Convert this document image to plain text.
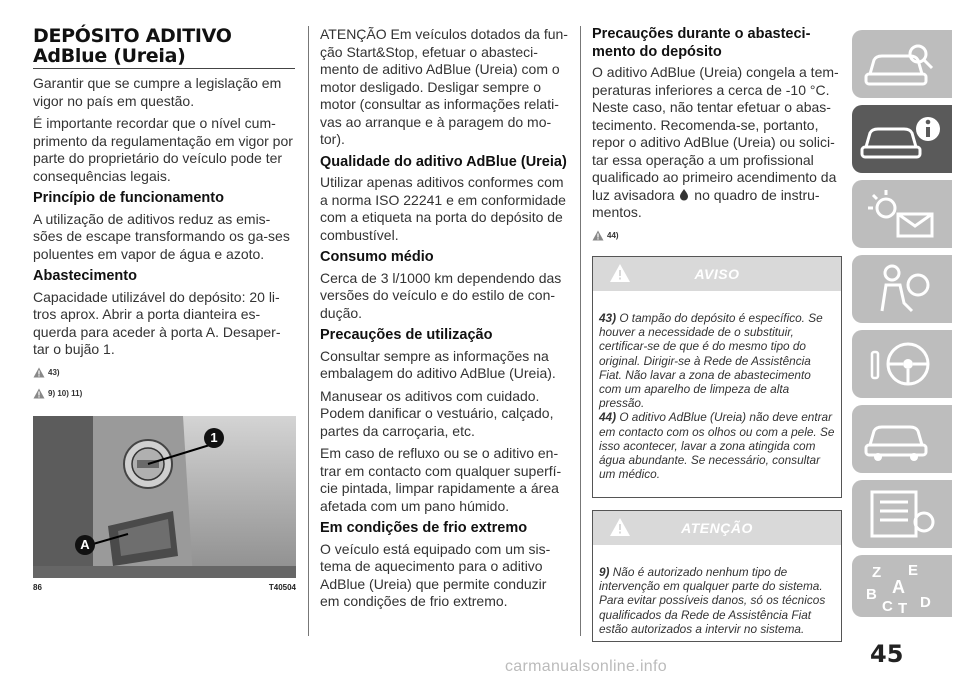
DEPÓSITO ADITIVO
AdBlue (Ureia)

Garantir que se cumpre a legislação em vigor no país em questão.

É importante recordar que o nível cum-primento da regulamentação em vigor por parte do proprietário do veículo pode ter consequências legais.

Princípio de funcionamento

A utilização de aditivos reduz as emis-sões de escape transformando os ga-ses poluentes em vapor de água e azoto.

Abastecimento

Capacidade utilizável do depósito: 20 li-tros aprox. Abrir a porta dianteira es-querda para aceder à porta A. Desaper-tar o bujão 1.

43)
9) 10) 11)
1
A
86	T40504

ATENÇÃO Em veículos dotados da fun-ção Start&Stop, efetuar o abasteci-mento de aditivo AdBlue (Ureia) com o motor desligado. Desligar sempre o motor (consultar as informações relati-vas ao arranque e à paragem do mo-tor).

Qualidade do aditivo AdBlue (Ureia)

Utilizar apenas aditivos conformes com a norma ISO 22241 e em conformidade com a etiqueta na porta do depósito de combustível.

Consumo médio

Cerca de 3 l/1000 km dependendo das versões do veículo e do estilo de con-dução.

Precauções de utilização

Consultar sempre as informações na embalagem do aditivo AdBlue (Ureia).

Manusear os aditivos com cuidado. Podem danificar o vestuário, calçado, partes da carroçaria, etc.

Em caso de refluxo ou se o aditivo en-trar em contacto com qualquer superfí-cie pintada, limpar rapidamente a área afetada com um pano húmido.

Em condições de frio extremo

O veículo está equipado com um sis-tema de aquecimento para o aditivo AdBlue (Ureia) que permite conduzir em condições de frio extremo.

Precauções durante o abasteci-mento do depósito

O aditivo AdBlue (Ureia) congela a tem-peraturas inferiores a cerca de -10 °C. Neste caso, não tentar efetuar o abas-tecimento. Recomenda-se, portanto, repor o aditivo AdBlue (Ureia) ou solici-tar essa operação a um profissional qualificado ao primeiro acendimento da luz avisadora no quadro de instru-mentos.

44)
AVISO

43) O tampão do depósito é específico. Se houver a necessidade de o substituir, certificar-se de que é do mesmo tipo do original. Dirigir-se à Rede de Assistência Fiat. Não lavar a zona de abastecimento com um aparelho de limpeza de alta pressão.

44) O aditivo AdBlue (Ureia) não deve entrar em contacto com os olhos ou com a pele. Se isso acontecer, lavar a zona atingida com água abundante. Se necessário, consultar um médico.

ATENÇÃO

9) Não é autorizado nenhum tipo de intervenção em qualquer parte do sistema. Para evitar possíveis danos, só os técnicos qualificados da Rede de Assistência Fiat estão autorizados a intervir no sistema.

Z E
A
B
C T D
45
carmanualsonline.info
